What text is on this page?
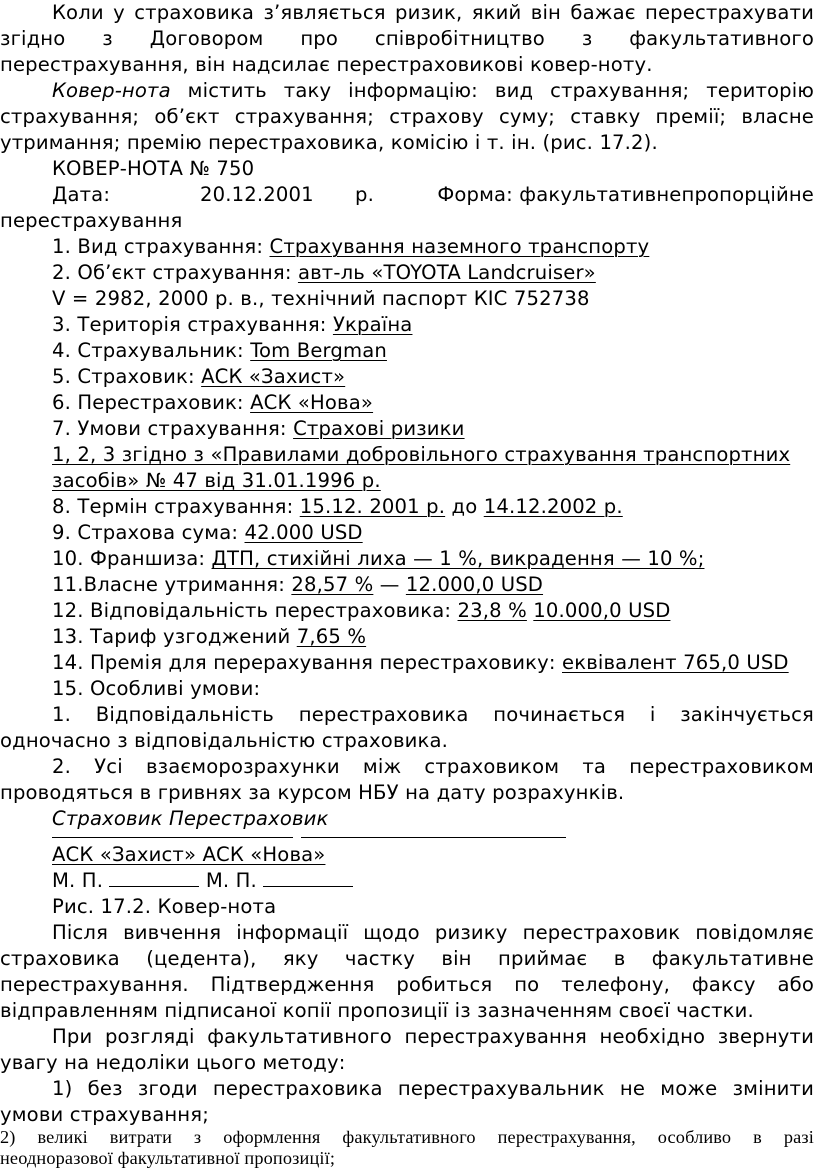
Коли у страховика з’являється ризик, який він бажає перестрахувати
згідно з Договором про співробітництво з факультативного
перестрахування, він надсилає перестраховикові ковер-ноту.
Ковер-нота містить таку інформацію: вид страхування; територію
страхування; об’єкт страхування; страхову суму; ставку премії; власне
утримання; премію перестраховика, комісію і т. ін. (рис. 17.2).
КОВЕР-НОТА № 750
Дата:	20.12.2001 р.	Форма: факультативнепропорційне
перестрахування
1. Вид страхування: Страхування наземного транспорту
2. Об’єкт страхування: авт-ль «TOYOTA Landcruiser»
V = 2982, 2000 р. в., технічний паспорт КІС 752738
3. Територія страхування: Україна
4. Страхувальник: Tom Bergman
5. Страховик: АСК «Захист»
6. Перестраховик: АСК «Нова»
7. Умови страхування: Страхові ризики
1, 2, 3 згідно з «Правилами добровільного страхування транспортних
засобів» № 47 від 31.01.1996 р.
8. Термін страхування: 15.12. 2001 р. до 14.12.2002 р.
9. Страхова сума: 42.000 USD
10. Франшиза: ДТП, стихійні лиха — 1 %, викрадення — 10 %;
11.Власне утримання: 28,57 % — 12.000,0 USD
12. Відповідальність перестраховика: 23,8 % 10.000,0 USD
13. Тариф узгоджений 7,65 %
14. Премія для перерахування перестраховику: еквівалент 765,0 USD
15. Особливі умови:
1. Відповідальність перестраховика починається і закінчується
одночасно з відповідальністю страховика.
2. Усі взаєморозрахунки між страховиком та перестраховиком
проводяться в гривнях за курсом НБУ на дату розрахунків.
Страховик Перестраховик
АСК «Захист» АСК «Нова»
М. П.	М. П.
Рис. 17.2. Ковер-нота
Після вивчення інформації щодо ризику перестраховик повідомляє
страховика (цедента), яку частку він приймає в факультативне
перестрахування. Підтвердження робиться по телефону, факсу або
відправленням підписаної копії пропозиції із зазначенням своєї частки.
При розгляді факультативного перестрахування необхідно звернути
увагу на недоліки цього методу:
1) без згоди перестраховика перестрахувальник не може змінити
умови страхування;
2) великі витрати з оформлення факультативного перестрахування, особливо в разі
неодноразової факультативної пропозиції;
